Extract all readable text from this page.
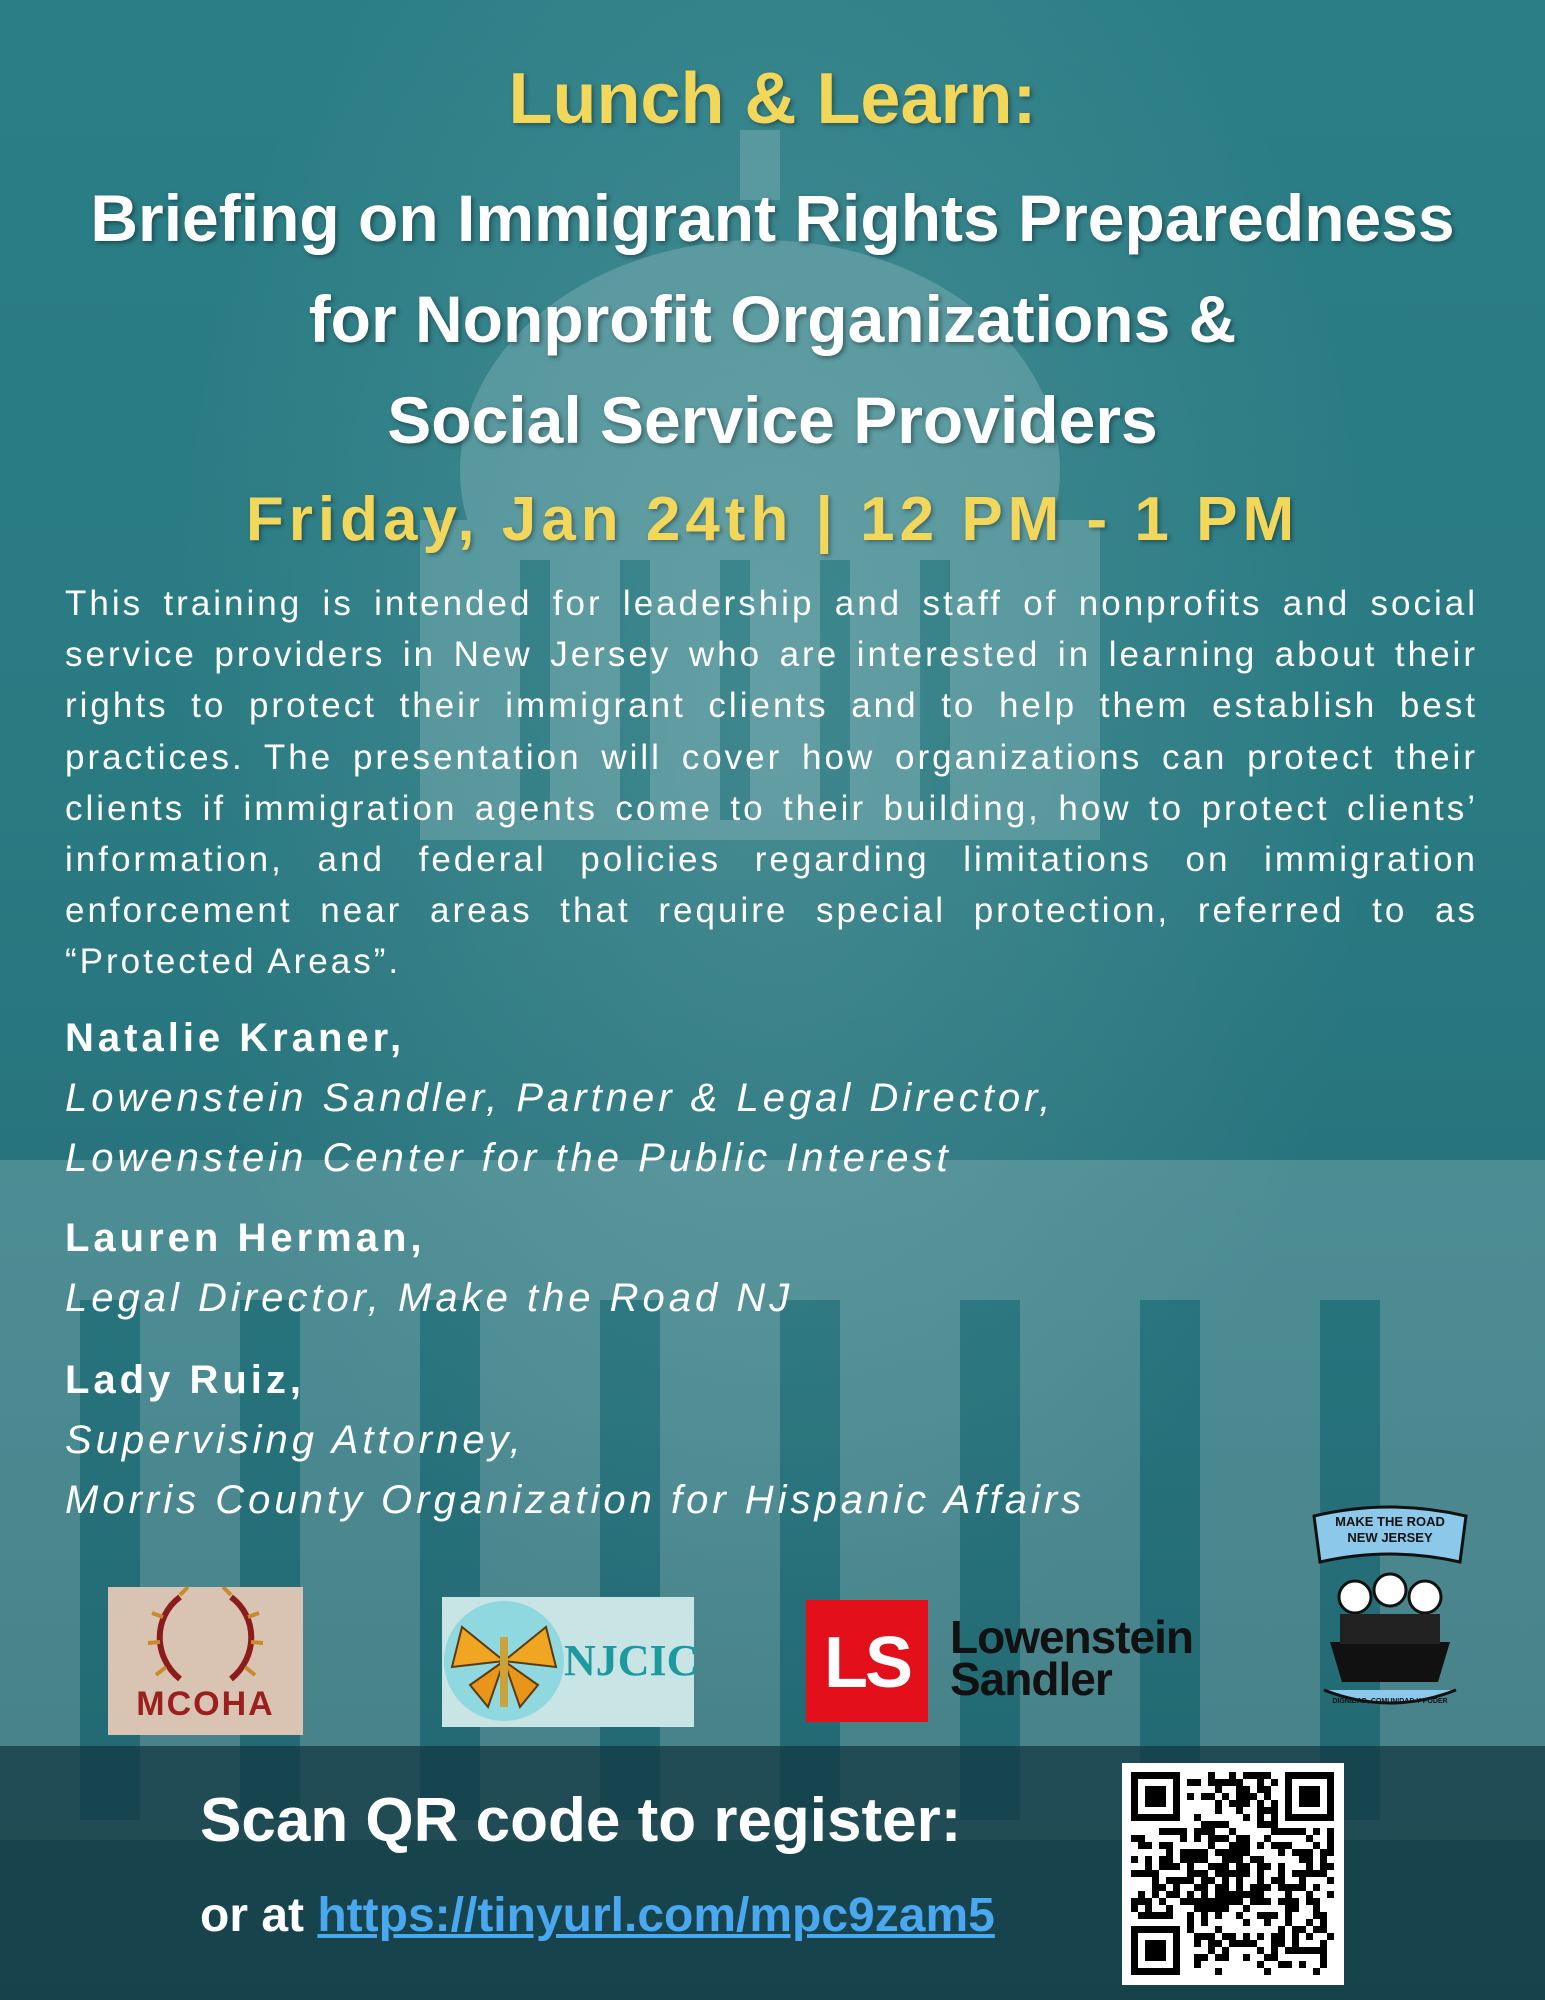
Lunch & Learn:
Briefing on Immigrant Rights Preparedness
for Nonprofit Organizations &
Social Service Providers
Friday, Jan 24th | 12 PM - 1 PM
This training is intended for leadership and staff of nonprofits and social service providers in New Jersey who are interested in learning about their rights to protect their immigrant clients and to help them establish best practices. The presentation will cover how organizations can protect their clients if immigration agents come to their building, how to protect clients’ information, and federal policies regarding limitations on immigration enforcement near areas that require special protection, referred to as “Protected Areas”.
Natalie Kraner,
Lowenstein Sandler, Partner & Legal Director,
Lowenstein Center for the Public Interest
Lauren Herman,
Legal Director, Make the Road NJ
Lady Ruiz,
Supervising Attorney,
Morris County Organization for Hispanic Affairs
MCOHA
NJCIC LS Lowenstein
Sandler
MAKE THE ROAD
NEW JERSEY
DIGNIDAD, COMUNIDAD Y PODER
Scan QR code to register:
or at https://tinyurl.com/mpc9zam5
